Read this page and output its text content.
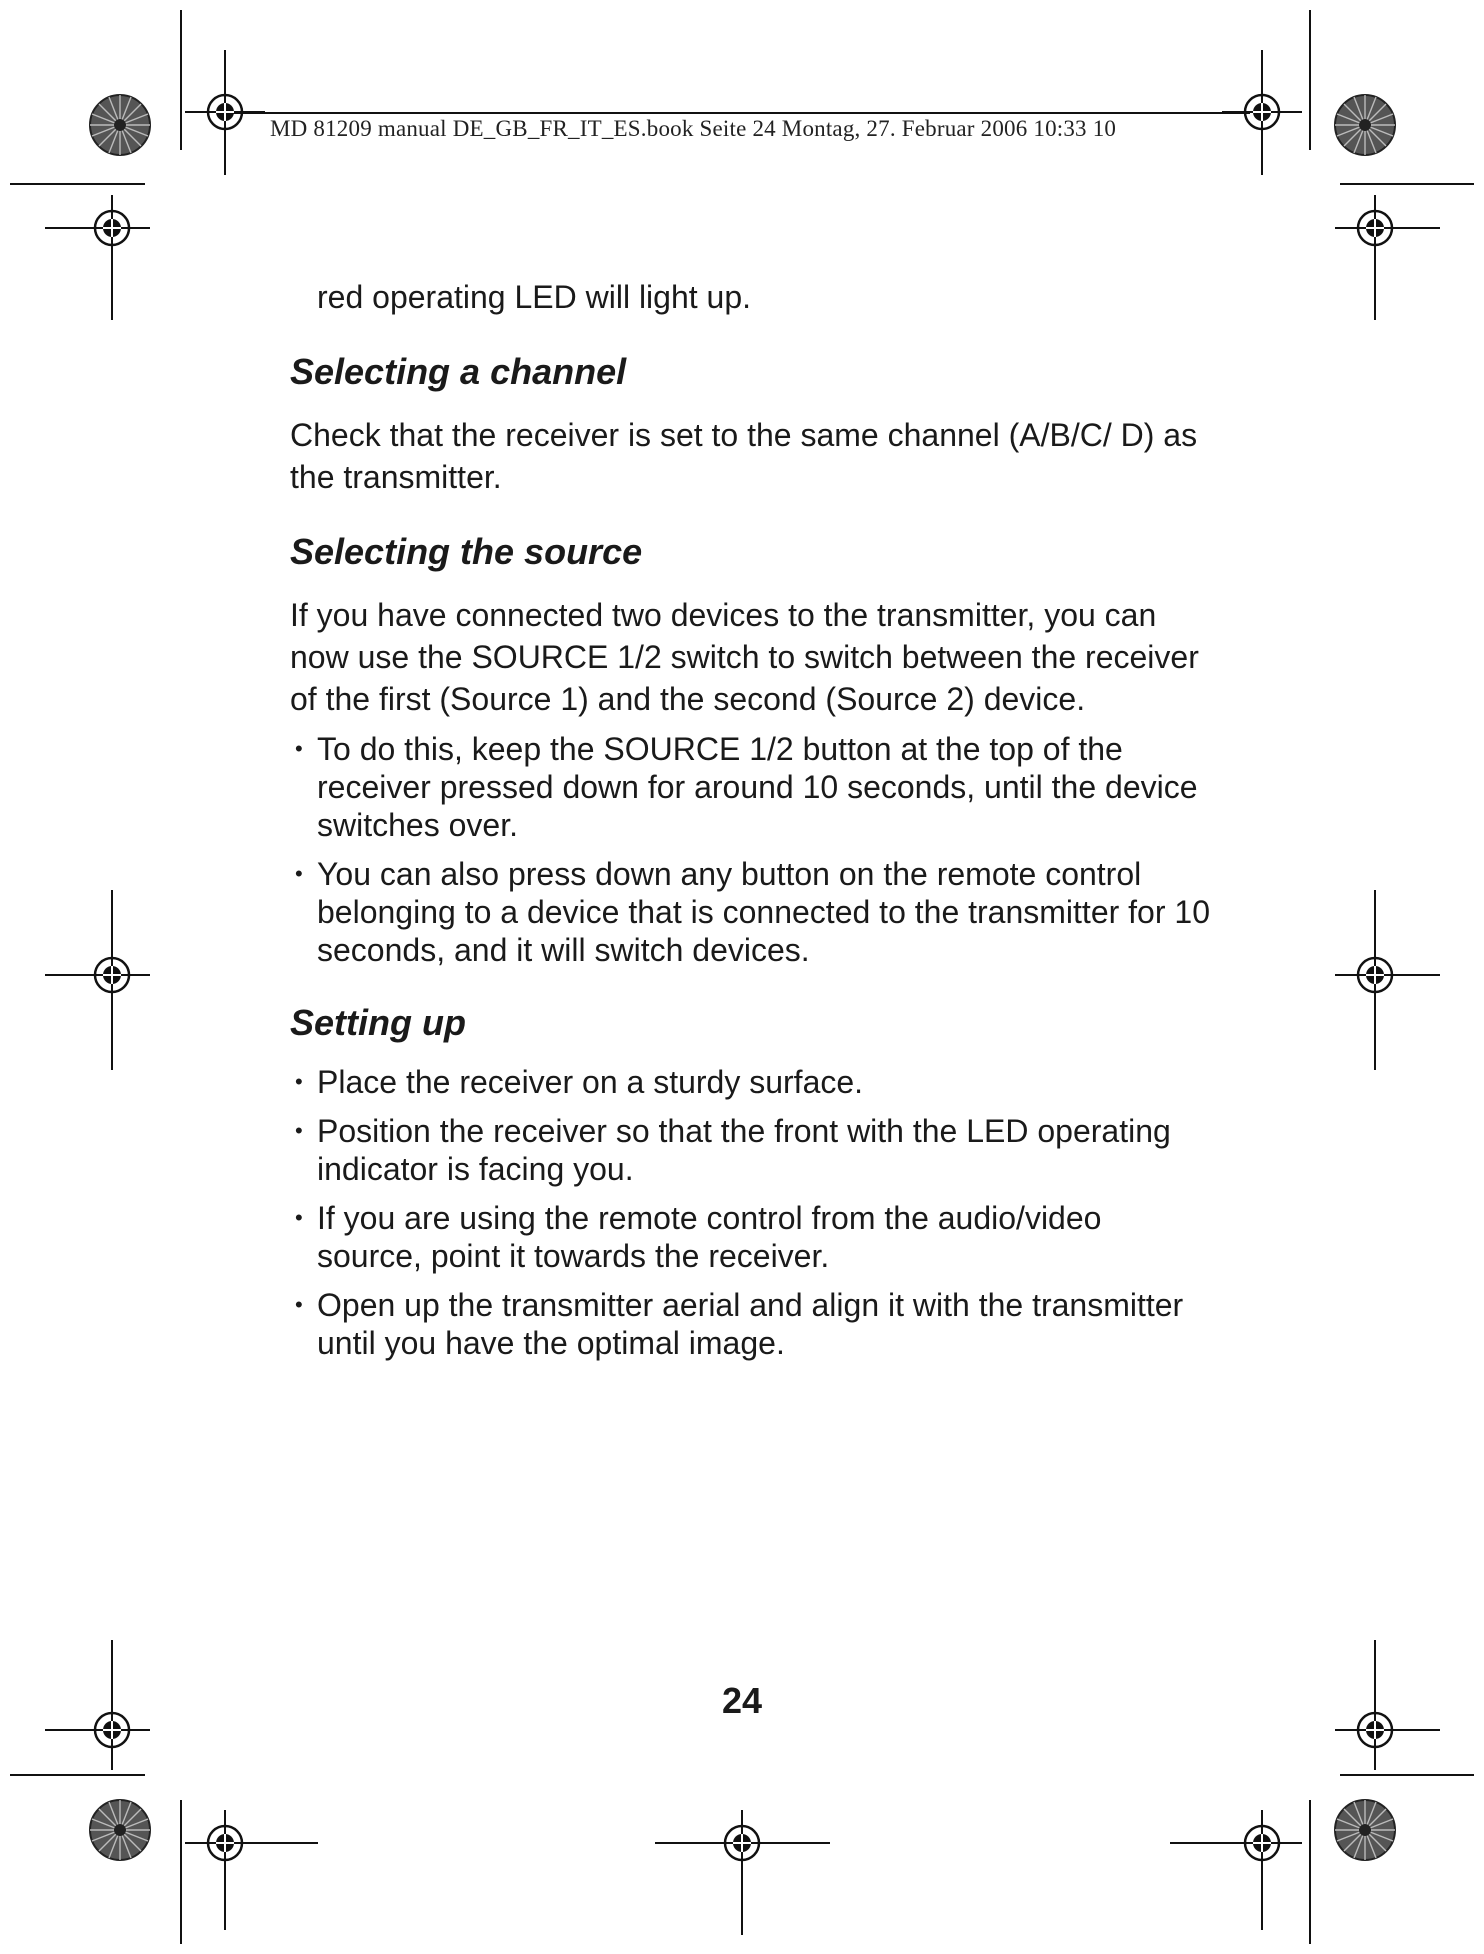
MD 81209 manual DE_GB_FR_IT_ES.book Seite 24 Montag, 27. Februar 2006 10:33 10

red operating LED will light up.

Selecting a channel

Check that the receiver is set to the same channel (A/B/C/ D) as the transmitter.

Selecting the source

If you have connected two devices to the transmitter, you can now use the SOURCE 1/2 switch to switch between the receiver of the first (Source 1) and the second (Source 2) device.

• To do this, keep the SOURCE 1/2 button at the top of the receiver pressed down for around 10 seconds, until the device switches over.
• You can also press down any button on the remote control belonging to a device that is connected to the transmitter for 10 seconds, and it will switch devices.
Setting up
• Place the receiver on a sturdy surface.
• Position the receiver so that the front with the LED operating indicator is facing you.
• If you are using the remote control from the audio/video source, point it towards the receiver.
• Open up the transmitter aerial and align it with the transmitter until you have the optimal image.
24
